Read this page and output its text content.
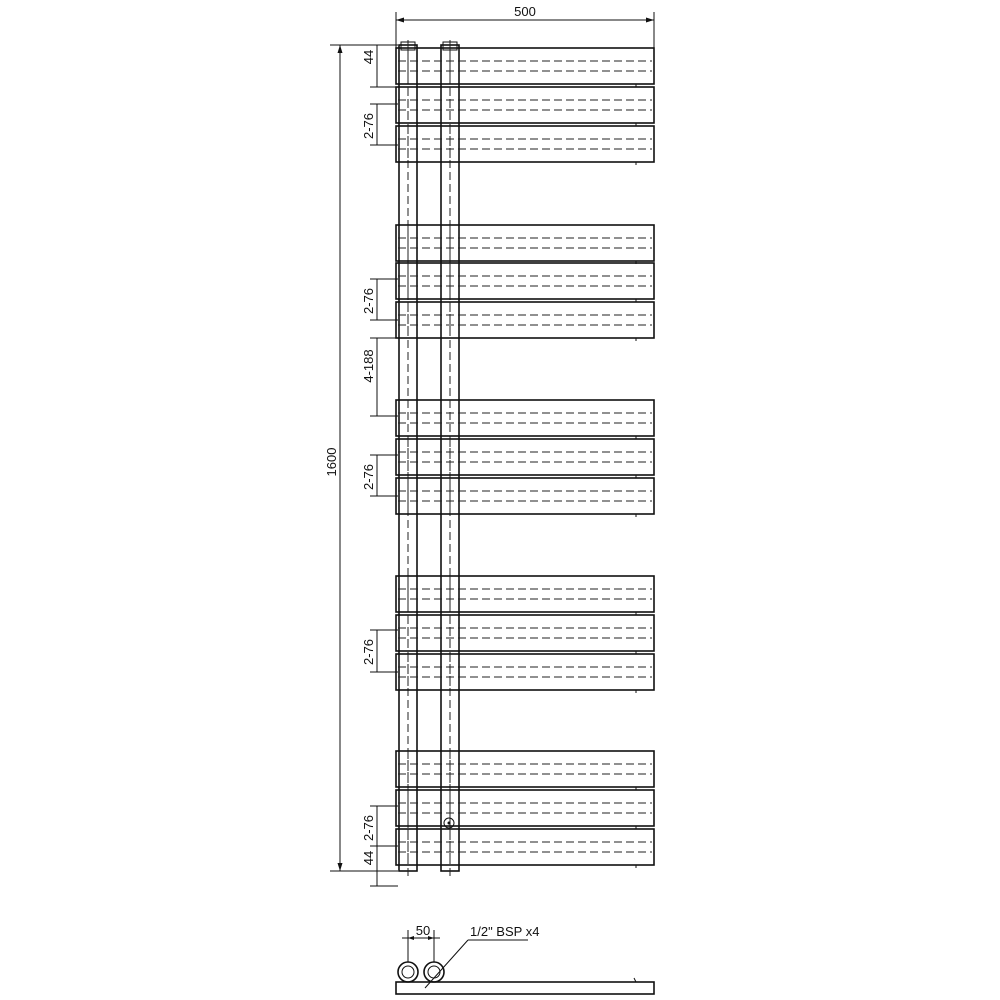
500
1600
44
2-76
2-76
4-188
2-76
2-76
2-76
44
50	1/2" BSP x4
